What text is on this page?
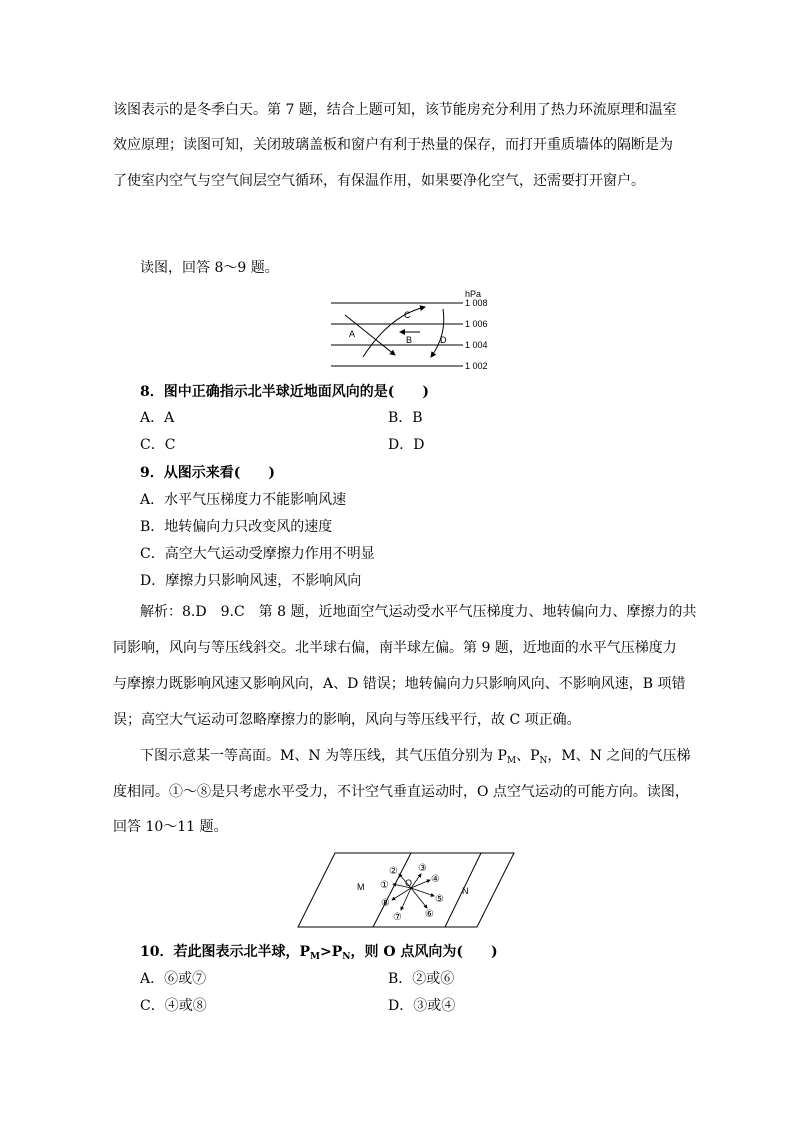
该图表示的是冬季白天。第 7 题，结合上题可知，该节能房充分利用了热力环流原理和温室
效应原理；读图可知，关闭玻璃盖板和窗户有利于热量的保存，而打开重质墙体的隔断是为
了使室内空气与空气间层空气循环，有保温作用，如果要净化空气，还需要打开窗户。
读图，回答 8～9 题。
hPa
1 008
1 006
1 004
1 002
A
B
C
D
8．图中正确指示北半球近地面风向的是(　　)
A．A	B．B
C．C	D．D
9．从图示来看(　　)
A．水平气压梯度力不能影响风速
B．地转偏向力只改变风的速度
C．高空大气运动受摩擦力作用不明显
D．摩擦力只影响风速，不影响风向
解析：8.D　9.C　第 8 题，近地面空气运动受水平气压梯度力、地转偏向力、摩擦力的共
同影响，风向与等压线斜交。北半球右偏，南半球左偏。第 9 题，近地面的水平气压梯度力
与摩擦力既影响风速又影响风向，A、D 错误；地转偏向力只影响风向、不影响风速，B 项错
误；高空大气运动可忽略摩擦力的影响，风向与等压线平行，故 C 项正确。
下图示意某一等高面。M、N 为等压线，其气压值分别为 $P_M$、$P_N$，M、N 之间的气压梯
度相同。①～⑧是只考虑水平受力，不计空气垂直运动时，O 点空气运动的可能方向。读图，
回答 10～11 题。
M	N
O
①
② ③
④
⑤
⑥
⑦
⑧
10．若此图表示北半球，$P_M>P_N$，则 O 点风向为(　　)
A．⑥或⑦	B．②或⑥
C．④或⑧	D．③或④
